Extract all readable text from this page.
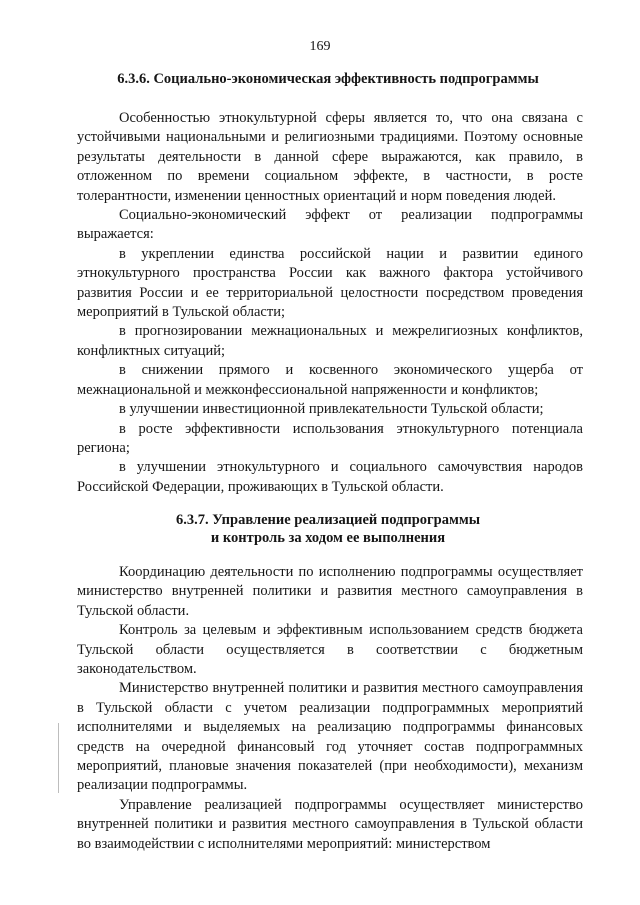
169
6.3.6. Социально-экономическая эффективность подпрограммы

Особенностью этнокультурной сферы является то, что она связана с устойчивыми национальными и религиозными традициями. Поэтому основные результаты деятельности в данной сфере выражаются, как правило, в отложенном по времени социальном эффекте, в частности, в росте толерантности, изменении ценностных ориентаций и норм поведения людей.

Социально-экономический эффект от реализации подпрограммы выражается:

в укреплении единства российской нации и развитии единого этнокультурного пространства России как важного фактора устойчивого развития России и ее территориальной целостности посредством проведения мероприятий в Тульской области;

в прогнозировании межнациональных и межрелигиозных конфликтов, конфликтных ситуаций;

в снижении прямого и косвенного экономического ущерба от межнациональной и межконфессиональной напряженности и конфликтов;

в улучшении инвестиционной привлекательности Тульской области;

в росте эффективности использования этнокультурного потенциала региона;

в улучшении этнокультурного и социального самочувствия народов Российской Федерации, проживающих в Тульской области.

6.3.7. Управление реализацией подпрограммы
и контроль за ходом ее выполнения

Координацию деятельности по исполнению подпрограммы осуществляет министерство внутренней политики и развития местного самоуправления в Тульской области.

Контроль за целевым и эффективным использованием средств бюджета Тульской области осуществляется в соответствии с бюджетным законодательством.

Министерство внутренней политики и развития местного самоуправления в Тульской области с учетом реализации подпрограммных мероприятий исполнителями и выделяемых на реализацию подпрограммы финансовых средств на очередной финансовый год уточняет состав подпрограммных мероприятий, плановые значения показателей (при необходимости), механизм реализации подпрограммы.

Управление реализацией подпрограммы осуществляет министерство внутренней политики и развития местного самоуправления в Тульской области во взаимодействии с исполнителями мероприятий: министерством
